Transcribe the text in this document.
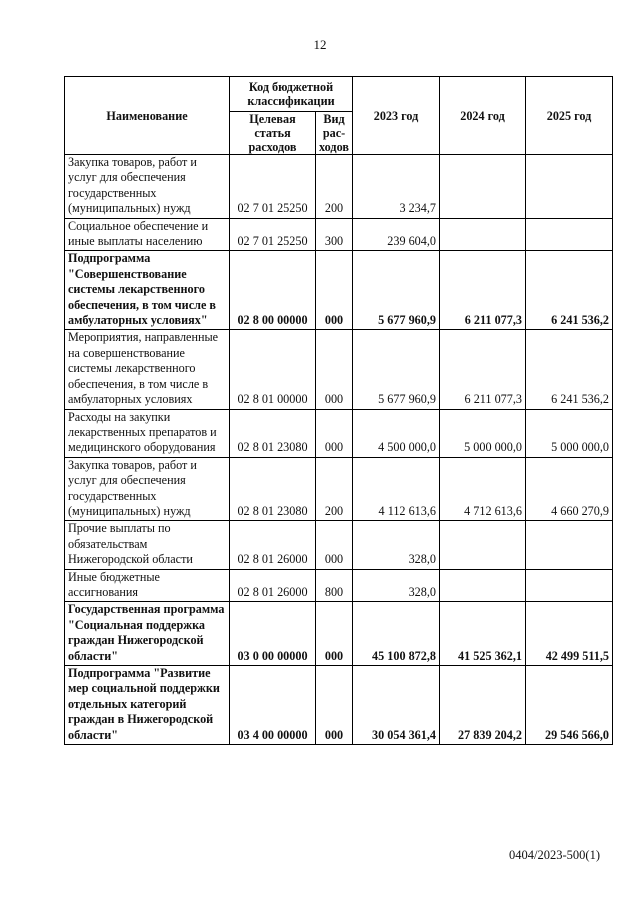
12
Наименование	Код бюджетной классификации		2023 год	2024 год	2025 год
	Целевая статья расходов	Вид рас-ходов			
Закупка товаров, работ и услуг для обеспечения государственных (муниципальных) нужд	02 7 01 25250	200	3 234,7		
Социальное обеспечение и иные выплаты населению	02 7 01 25250	300	239 604,0		
Подпрограмма "Совершенствование системы лекарственного обеспечения, в том числе в амбулаторных условиях"	02 8 00 00000	000	5 677 960,9	6 211 077,3	6 241 536,2
Мероприятия, направленные на совершенствование системы лекарственного обеспечения, в том числе в амбулаторных условиях	02 8 01 00000	000	5 677 960,9	6 211 077,3	6 241 536,2
Расходы на закупки лекарственных препаратов и медицинского оборудования	02 8 01 23080	000	4 500 000,0	5 000 000,0	5 000 000,0
Закупка товаров, работ и услуг для обеспечения государственных (муниципальных) нужд	02 8 01 23080	200	4 112 613,6	4 712 613,6	4 660 270,9
Прочие выплаты по обязательствам Нижегородской области	02 8 01 26000	000	328,0		
Иные бюджетные ассигнования	02 8 01 26000	800	328,0		
Государственная программа "Социальная поддержка граждан Нижегородской области"	03 0 00 00000	000	45 100 872,8	41 525 362,1	42 499 511,5
Подпрограмма "Развитие мер социальной поддержки отдельных категорий граждан в Нижегородской области"	03 4 00 00000	000	30 054 361,4	27 839 204,2	29 546 566,0
0404/2023-500(1)
